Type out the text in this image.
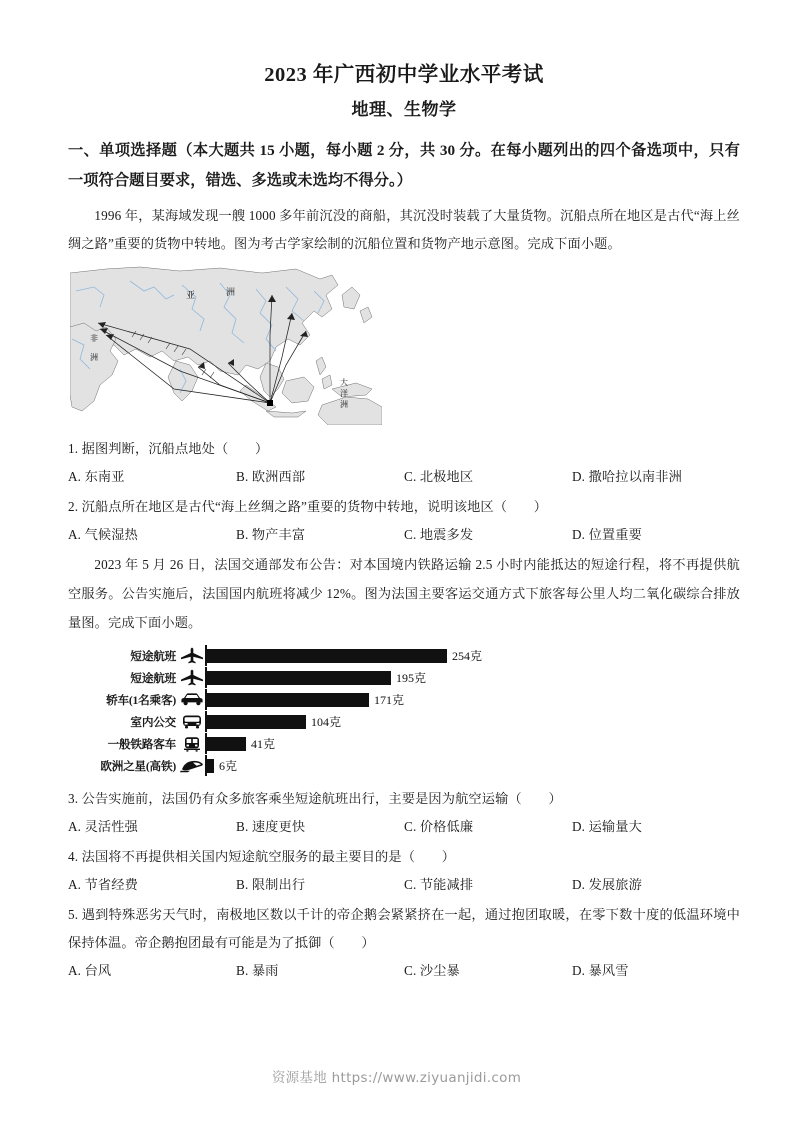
2023 年广西初中学业水平考试
地理、生物学

一、单项选择题（本大题共 15 小题，每小题 2 分，共 30 分。在每小题列出的四个备选项中，只有一项符合题目要求，错选、多选或未选均不得分。）

1996 年，某海域发现一艘 1000 多年前沉没的商船，其沉没时装载了大量货物。沉船点所在地区是古代“海上丝绸之路”重要的货物中转地。图为考古学家绘制的沉船位置和货物产地示意图。完成下面小题。

亚	洲
非
洲
大
洋
洲

1. 据图判断，沉船点地处（　　）

A. 东南亚	B. 欧洲西部	C. 北极地区	D. 撒哈拉以南非洲

2. 沉船点所在地区是古代“海上丝绸之路”重要的货物中转地，说明该地区（　　）

A. 气候湿热	B. 物产丰富	C. 地震多发	D. 位置重要

2023 年 5 月 26 日，法国交通部发布公告：对本国境内铁路运输 2.5 小时内能抵达的短途行程，将不再提供航空服务。公告实施后，法国国内航班将减少 12%。图为法国主要客运交通方式下旅客每公里人均二氧化碳综合排放量图。完成下面小题。

短途航班	254克
短途航班	195克
轿车(1名乘客)	171克
室内公交	104克
一般铁路客车	41克
欧洲之星(高铁)	6克

3. 公告实施前，法国仍有众多旅客乘坐短途航班出行，主要是因为航空运输（　　）

A. 灵活性强	B. 速度更快	C. 价格低廉	D. 运输量大

4. 法国将不再提供相关国内短途航空服务的最主要目的是（　　）

A. 节省经费	B. 限制出行	C. 节能减排	D. 发展旅游

5. 遇到特殊恶劣天气时，南极地区数以千计的帝企鹅会紧紧挤在一起，通过抱团取暖，在零下数十度的低温环境中保持体温。帝企鹅抱团最有可能是为了抵御（　　）

A. 台风	B. 暴雨	C. 沙尘暴	D. 暴风雪
资源基地 https://www.ziyuanjidi.com
